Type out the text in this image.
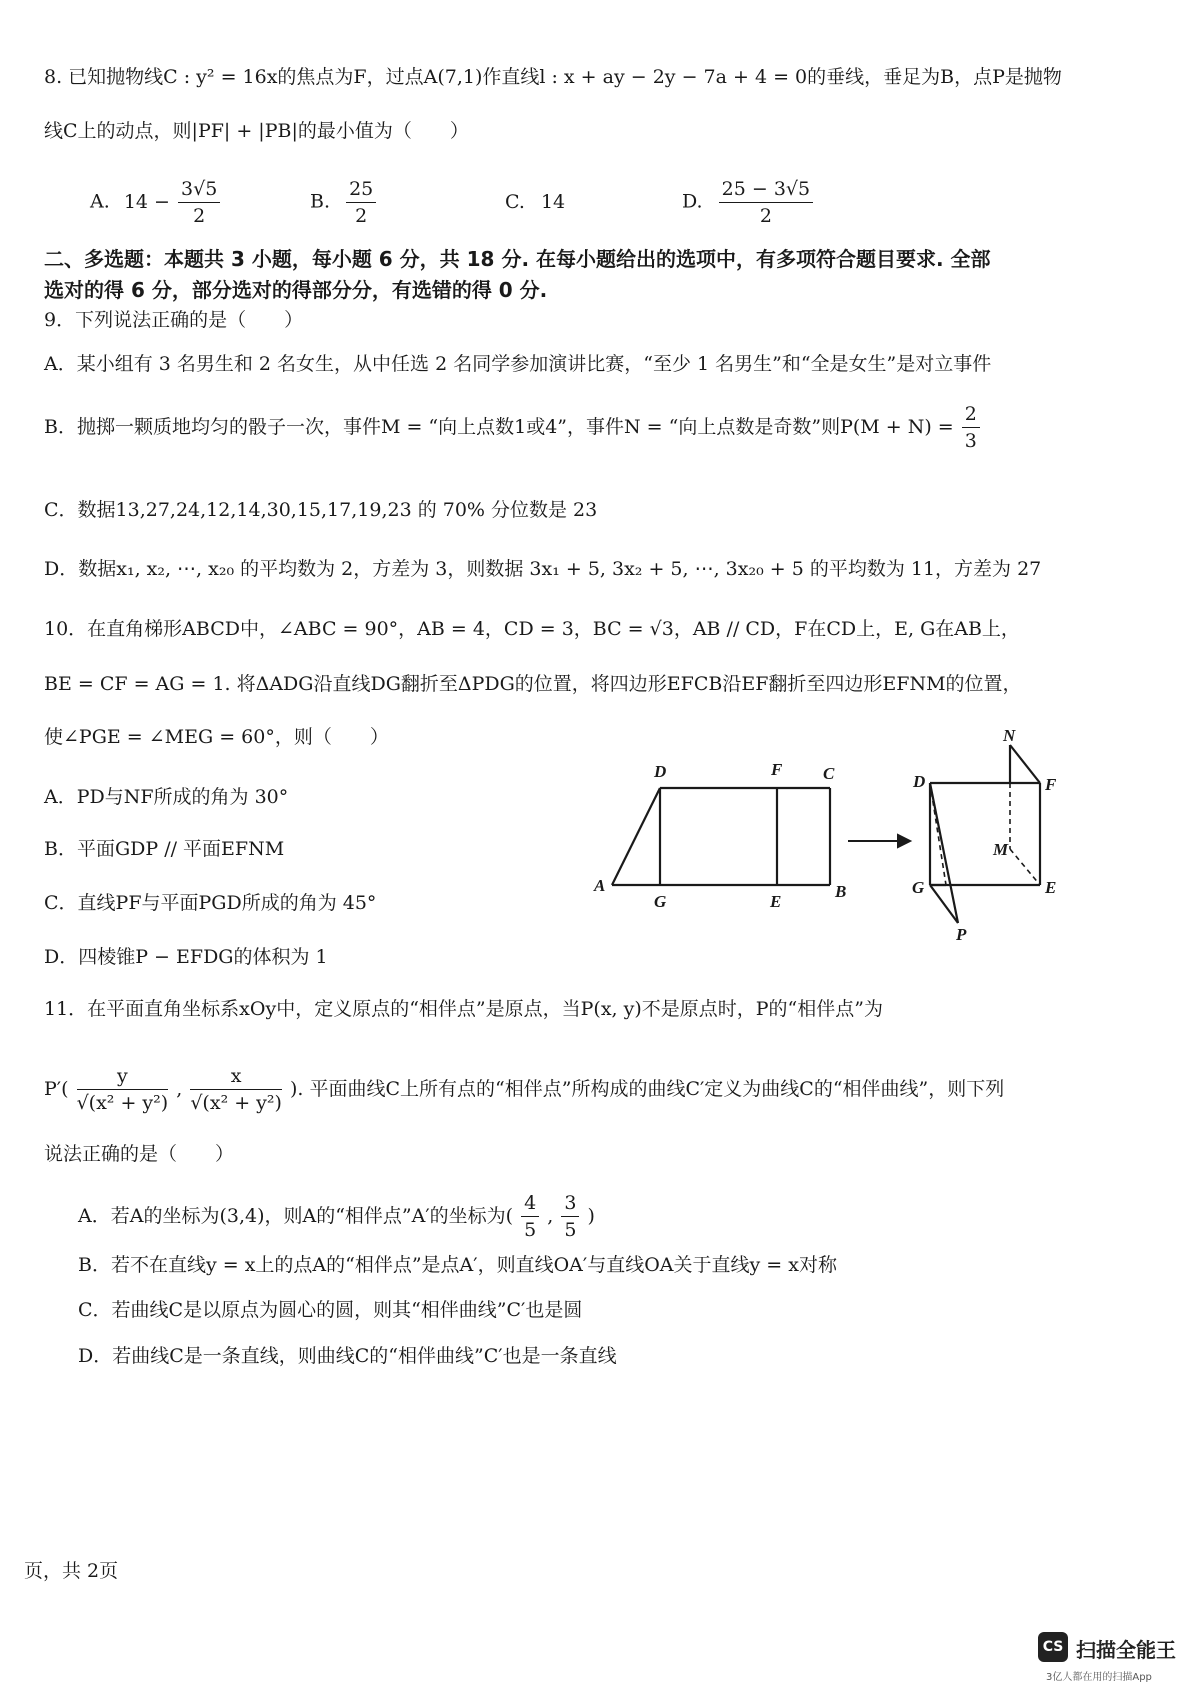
8. 已知抛物线C : y² = 16x的焦点为F，过点A(7,1)作直线l : x + ay − 2y − 7a + 4 = 0的垂线，垂足为B，点P是抛物
线C上的动点，则|PF| + |PB|的最小值为（　　）
A. $14 - \frac{3√5}{2}$	B. $\frac{25}{2}$	C. 14	D. $\frac{25 - 3√5}{2}$
二、多选题：本题共 3 小题，每小题 6 分，共 18 分. 在每小题给出的选项中，有多项符合题目要求. 全部
选对的得 6 分，部分选对的得部分分，有选错的得 0 分.
9．下列说法正确的是（　　）
A．某小组有 3 名男生和 2 名女生，从中任选 2 名同学参加演讲比赛，“至少 1 名男生”和“全是女生”是对立事件
B．抛掷一颗质地均匀的骰子一次，事件M = “向上点数1或4”，事件N = “向上点数是奇数”则$P(M + N) = \frac{2}{3}$
C．数据13,27,24,12,14,30,15,17,19,23 的 70% 分位数是 23
D．数据x₁, x₂, ⋯, x₂₀ 的平均数为 2，方差为 3，则数据 3x₁ + 5, 3x₂ + 5, ⋯, 3x₂₀ + 5 的平均数为 11，方差为 27
10．在直角梯形ABCD中，∠ABC = 90°，AB = 4，CD = 3，BC = √3，AB // CD，F在CD上，E, G在AB上，
BE = CF = AG = 1. 将ΔADG沿直线DG翻折至ΔPDG的位置，将四边形EFCB沿EF翻折至四边形EFNM的位置，
使∠PGE = ∠MEG = 60°，则（　　）
A．PD与NF所成的角为 30°
B．平面GDP // 平面EFNM
C．直线PF与平面PGD所成的角为 45°
D．四棱锥P − EFDG的体积为 1
D	F C
A
G	E
B
N
D	F
M
G	E
P
11．在平面直角坐标系xOy中，定义原点的“相伴点”是原点，当P(x, y)不是原点时，P的“相伴点”为
$P'( \frac{y}{\text{√(x² + y²)}}$ , $\frac{x}{\text{√(x² + y²)}}$ ). 平面曲线C上所有点的“相伴点”所构成的曲线C′定义为曲线C的“相伴曲线”，则下列
说法正确的是（　　）
A．若A的坐标为(3,4)，则A的“相伴点”A′的坐标为( $\frac{4}{5}$ , $\frac{3}{5}$ )
B．若不在直线y = x上的点A的“相伴点”是点A′，则直线OA′与直线OA关于直线y = x对称
C．若曲线C是以原点为圆心的圆，则其“相伴曲线”C′也是圆
D．若曲线C是一条直线，则曲线C的“相伴曲线”C′也是一条直线
页，共 2页
CS 扫描全能王
3亿人都在用的扫描App
